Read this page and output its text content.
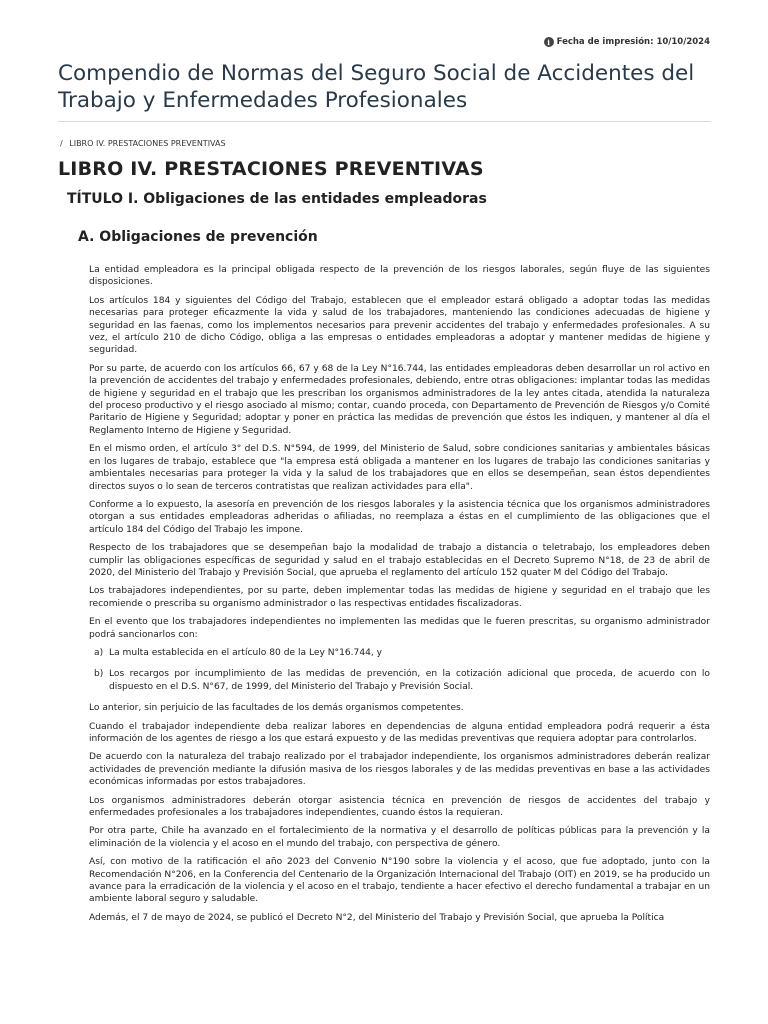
i Fecha de impresión: 10/10/2024
Compendio de Normas del Seguro Social de Accidentes del Trabajo y Enfermedades Profesionales
/ LIBRO IV. PRESTACIONES PREVENTIVAS
LIBRO IV. PRESTACIONES PREVENTIVAS
TÍTULO I. Obligaciones de las entidades empleadoras
A. Obligaciones de prevención

La entidad empleadora es la principal obligada respecto de la prevención de los riesgos laborales, según fluye de las siguientes disposiciones.

Los artículos 184 y siguientes del Código del Trabajo, establecen que el empleador estará obligado a adoptar todas las medidas necesarias para proteger eficazmente la vida y salud de los trabajadores, manteniendo las condiciones adecuadas de higiene y seguridad en las faenas, como los implementos necesarios para prevenir accidentes del trabajo y enfermedades profesionales. A su vez, el artículo 210 de dicho Código, obliga a las empresas o entidades empleadoras a adoptar y mantener medidas de higiene y seguridad.

Por su parte, de acuerdo con los artículos 66, 67 y 68 de la Ley N°16.744, las entidades empleadoras deben desarrollar un rol activo en la prevención de accidentes del trabajo y enfermedades profesionales, debiendo, entre otras obligaciones: implantar todas las medidas de higiene y seguridad en el trabajo que les prescriban los organismos administradores de la ley antes citada, atendida la naturaleza del proceso productivo y el riesgo asociado al mismo; contar, cuando proceda, con Departamento de Prevención de Riesgos y/o Comité Paritario de Higiene y Seguridad; adoptar y poner en práctica las medidas de prevención que éstos les indiquen, y mantener al día el Reglamento Interno de Higiene y Seguridad.

En el mismo orden, el artículo 3° del D.S. N°594, de 1999, del Ministerio de Salud, sobre condiciones sanitarias y ambientales básicas en los lugares de trabajo, establece que "la empresa está obligada a mantener en los lugares de trabajo las condiciones sanitarias y ambientales necesarias para proteger la vida y la salud de los trabajadores que en ellos se desempeñan, sean éstos dependientes directos suyos o lo sean de terceros contratistas que realizan actividades para ella".

Conforme a lo expuesto, la asesoría en prevención de los riesgos laborales y la asistencia técnica que los organismos administradores otorgan a sus entidades empleadoras adheridas o afiliadas, no reemplaza a éstas en el cumplimiento de las obligaciones que el artículo 184 del Código del Trabajo les impone.

Respecto de los trabajadores que se desempeñan bajo la modalidad de trabajo a distancia o teletrabajo, los empleadores deben cumplir las obligaciones específicas de seguridad y salud en el trabajo establecidas en el Decreto Supremo N°18, de 23 de abril de 2020, del Ministerio del Trabajo y Previsión Social, que aprueba el reglamento del artículo 152 quater M del Código del Trabajo.

Los trabajadores independientes, por su parte, deben implementar todas las medidas de higiene y seguridad en el trabajo que les recomiende o prescriba su organismo administrador o las respectivas entidades fiscalizadoras.

En el evento que los trabajadores independientes no implementen las medidas que le fueren prescritas, su organismo administrador podrá sancionarlos con:

a) La multa establecida en el artículo 80 de la Ley N°16.744, y
b) Los recargos por incumplimiento de las medidas de prevención, en la cotización adicional que proceda, de acuerdo con lo dispuesto en el D.S. N°67, de 1999, del Ministerio del Trabajo y Previsión Social.

Lo anterior, sin perjuicio de las facultades de los demás organismos competentes.

Cuando el trabajador independiente deba realizar labores en dependencias de alguna entidad empleadora podrá requerir a ésta información de los agentes de riesgo a los que estará expuesto y de las medidas preventivas que requiera adoptar para controlarlos.

De acuerdo con la naturaleza del trabajo realizado por el trabajador independiente, los organismos administradores deberán realizar actividades de prevención mediante la difusión masiva de los riesgos laborales y de las medidas preventivas en base a las actividades económicas informadas por estos trabajadores.

Los organismos administradores deberán otorgar asistencia técnica en prevención de riesgos de accidentes del trabajo y enfermedades profesionales a los trabajadores independientes, cuando éstos la requieran.

Por otra parte, Chile ha avanzado en el fortalecimiento de la normativa y el desarrollo de políticas públicas para la prevención y la eliminación de la violencia y el acoso en el mundo del trabajo, con perspectiva de género.

Así, con motivo de la ratificación el año 2023 del Convenio N°190 sobre la violencia y el acoso, que fue adoptado, junto con la Recomendación N°206, en la Conferencia del Centenario de la Organización Internacional del Trabajo (OIT) en 2019, se ha producido un avance para la erradicación de la violencia y el acoso en el trabajo, tendiente a hacer efectivo el derecho fundamental a trabajar en un ambiente laboral seguro y saludable.

Además, el 7 de mayo de 2024, se publicó el Decreto N°2, del Ministerio del Trabajo y Previsión Social, que aprueba la Política
